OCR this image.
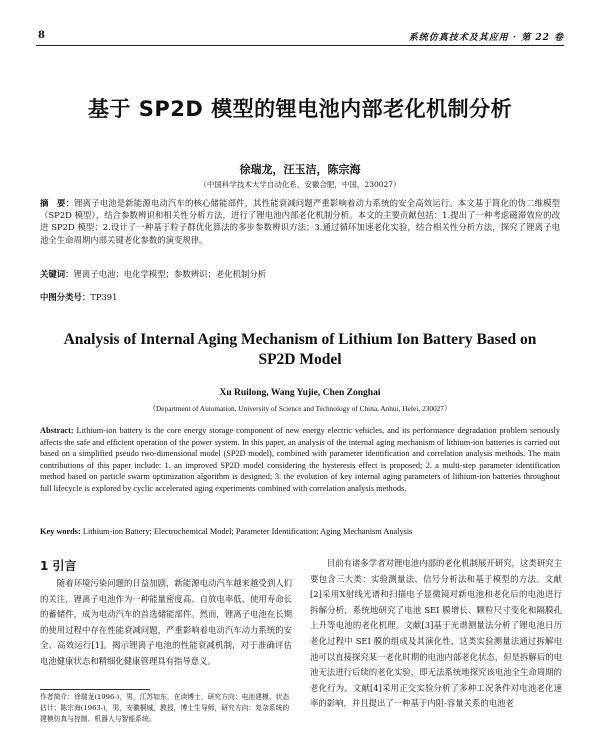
8	系统仿真技术及其应用 · 第 22 卷
基于 SP2D 模型的锂电池内部老化机制分析
徐瑞龙，汪玉洁，陈宗海
（中国科学技术大学自动化系，安徽合肥，中国，230027）
摘　要：锂离子电池是新能源电动汽车的核心储能部件，其性能衰减问题严重影响着动力系统的安全高效运行。本文基于简化的伪二维模型（SP2D 模型），结合参数辨识和相关性分析方法，进行了锂电池内部老化机制分析。本文的主要贡献包括：1.提出了一种考虑磁滞效应的改进 SP2D 模型；2.设计了一种基于粒子群优化算法的多步参数辨识方法；3.通过循环加速老化实验，结合相关性分析方法，探究了锂离子电池全生命周期内部关键老化参数的演变规律。
关键词：锂离子电池；电化学模型；参数辨识；老化机制分析
中图分类号：TP391
Analysis of Internal Aging Mechanism of Lithium Ion Battery Based on SP2D Model
Xu Ruilong, Wang Yujie, Chen Zonghai
（Department of Automation, University of Science and Technology of China, Anhui, Hefei, 230027）
Abstract: Lithium-ion battery is the core energy storage component of new energy electric vehicles, and its performance degradation problem seriously affects the safe and efficient operation of the power system. In this paper, an analysis of the internal aging mechanism of lithium-ion batteries is carried out based on a simplified pseudo two-dimensional model (SP2D model), combined with parameter identification and correlation analysis methods. The main contributions of this paper include: 1. an improved SP2D model considering the hysteresis effect is proposed; 2. a multi-step parameter identification method based on particle swarm optimization algorithm is designed; 3. the evolution of key internal aging parameters of lithium-ion batteries throughout full lifecycle is explored by cyclic accelerated aging experiments combined with correlation analysis methods.
Key words: Lithium-ion Battery; Electrochemical Model; Parameter Identification; Aging Mechanism Analysis
1 引言
随着环境污染问题的日益加剧，新能源电动汽车越来越受到人们的关注，锂离子电池作为一种能量密度高、自放电率低、使用寿命长的蓄储件，成为电动汽车的首选储能部件。然而，锂离子电池在长期的使用过程中存在性能衰减问题，严重影响着电动汽车动力系统的安全、高效运行[1]。揭示锂离子电池的性能衰减机制，对于准确评估电池健康状态和精细化健康管理具有指导意义。
目前有诸多学者对锂电池内部的老化机制展开研究，这类研究主要包含三大类：实验测量法、信号分析法和基于模型的方法。文献[2]采用X射线光谱和扫描电子显微镜对新电池和老化后的电池进行拆解分析，系统地研究了电池 SEI 膜增长、颗粒尺寸变化和隔膜孔上升等电池的老化机理。文献[3]基于光谱测量法分析了锂电池日历老化过程中 SEI 膜的组成及其演化性，这类实验测量法通过拆解电池可以直接探究某一老化时期的电池内部老化状态，但是拆解后的电池无法进行后续的老化实验，即无法系统地探究该电池全生命周期的老化行为。文献[4]采用正交实验分析了多种工况条件对电池老化速率的影响，并且提出了一种基于内阻-容量关系的电池老
作者简介：徐瑞龙(1996-)，男，江苏如东，在读博士，研究方向：电池建模、状态估计；陈宗海(1963-)，男，安徽桐城，教授，博士生导师，研究方向：复杂系统的建模仿真与控制、机器人与智能系统。
